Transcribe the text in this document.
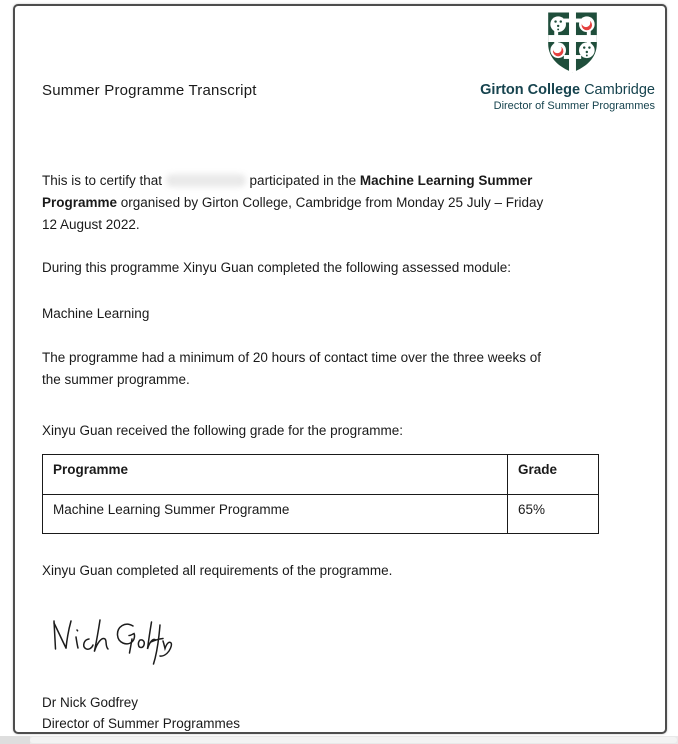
Girton College Cambridge
Director of Summer Programmes
Summer Programme Transcript
This is to certify that	participated in the Machine Learning Summer
Programme organised by Girton College, Cambridge from Monday 25 July – Friday
12 August 2022.
During this programme Xinyu Guan completed the following assessed module:
Machine Learning
The programme had a minimum of 20 hours of contact time over the three weeks of
the summer programme.
Xinyu Guan received the following grade for the programme:
Programme	Grade
Machine Learning Summer Programme	65%
Xinyu Guan completed all requirements of the programme.
Dr Nick Godfrey
Director of Summer Programmes
